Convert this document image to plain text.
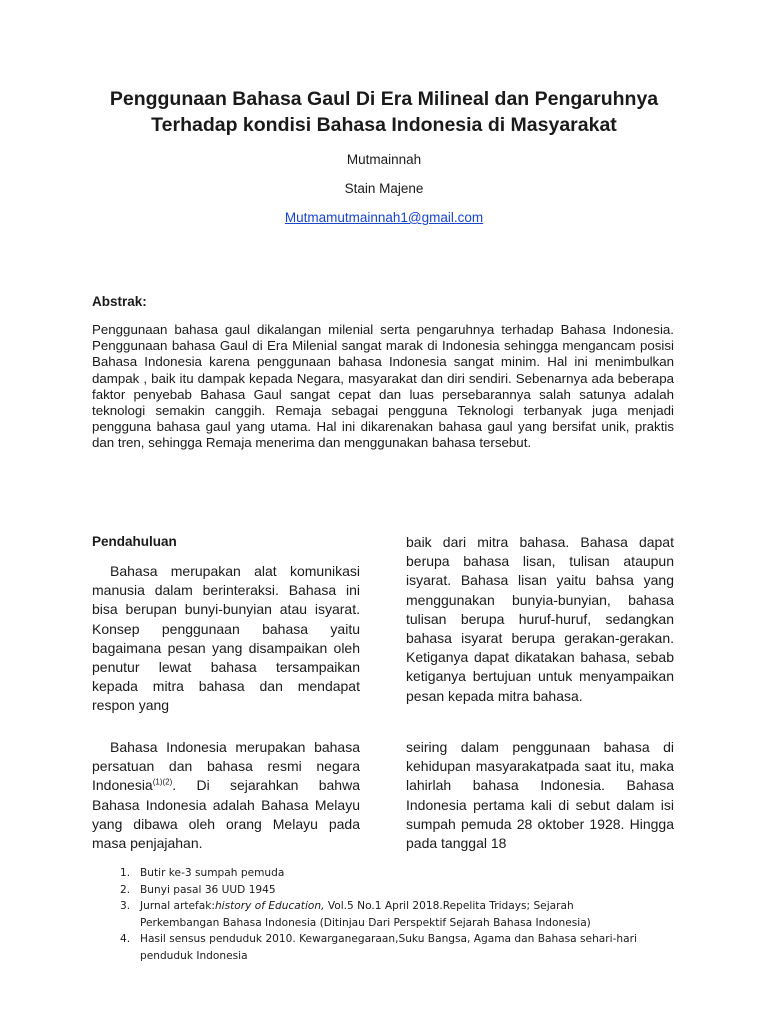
Penggunaan Bahasa Gaul Di Era Milineal dan Pengaruhnya
Terhadap kondisi Bahasa Indonesia di Masyarakat
Mutmainnah
Stain Majene
Mutmamutmainnah1@gmail.com
Abstrak:

Penggunaan bahasa gaul dikalangan milenial serta pengaruhnya terhadap Bahasa Indonesia. Penggunaan bahasa Gaul di Era Milenial sangat marak di Indonesia sehingga mengancam posisi Bahasa Indonesia karena penggunaan bahasa Indonesia sangat minim. Hal ini menimbulkan dampak , baik itu dampak kepada Negara, masyarakat dan diri sendiri. Sebenarnya ada beberapa faktor penyebab Bahasa Gaul sangat cepat dan luas persebarannya salah satunya adalah teknologi semakin canggih. Remaja sebagai pengguna Teknologi terbanyak juga menjadi pengguna bahasa gaul yang utama. Hal ini dikarenakan bahasa gaul yang bersifat unik, praktis dan tren, sehingga Remaja menerima dan menggunakan bahasa tersebut.

Pendahuluan

Bahasa merupakan alat komunikasi manusia dalam berinteraksi. Bahasa ini bisa berupan bunyi-bunyian atau isyarat. Konsep penggunaan bahasa yaitu bagaimana pesan yang disampaikan oleh penutur lewat bahasa tersampaikan kepada mitra bahasa dan mendapat respon yang

Bahasa Indonesia merupakan bahasa persatuan dan bahasa resmi negara Indonesia$^{(1)(2)}$. Di sejarahkan bahwa Bahasa Indonesia adalah Bahasa Melayu yang dibawa oleh orang Melayu pada masa penjajahan.

baik dari mitra bahasa. Bahasa dapat berupa bahasa lisan, tulisan ataupun isyarat. Bahasa lisan yaitu bahsa yang menggunakan bunyia-bunyian, bahasa tulisan berupa huruf-huruf, sedangkan bahasa isyarat berupa gerakan-gerakan. Ketiganya dapat dikatakan bahasa, sebab ketiganya bertujuan untuk menyampaikan pesan kepada mitra bahasa.

seiring dalam penggunaan bahasa di kehidupan masyarakatpada saat itu, maka lahirlah bahasa Indonesia. Bahasa Indonesia pertama kali di sebut dalam isi sumpah pemuda 28 oktober 1928. Hingga pada tanggal 18

1. Butir ke-3 sumpah pemuda
2. Bunyi pasal 36 UUD 1945
3. Jurnal artefak:history of Education, Vol.5 No.1 April 2018.Repelita Tridays; Sejarah Perkembangan Bahasa Indonesia (Ditinjau Dari Perspektif Sejarah Bahasa Indonesia)
4. Hasil sensus penduduk 2010. Kewarganegaraan,Suku Bangsa, Agama dan Bahasa sehari-hari penduduk Indonesia
